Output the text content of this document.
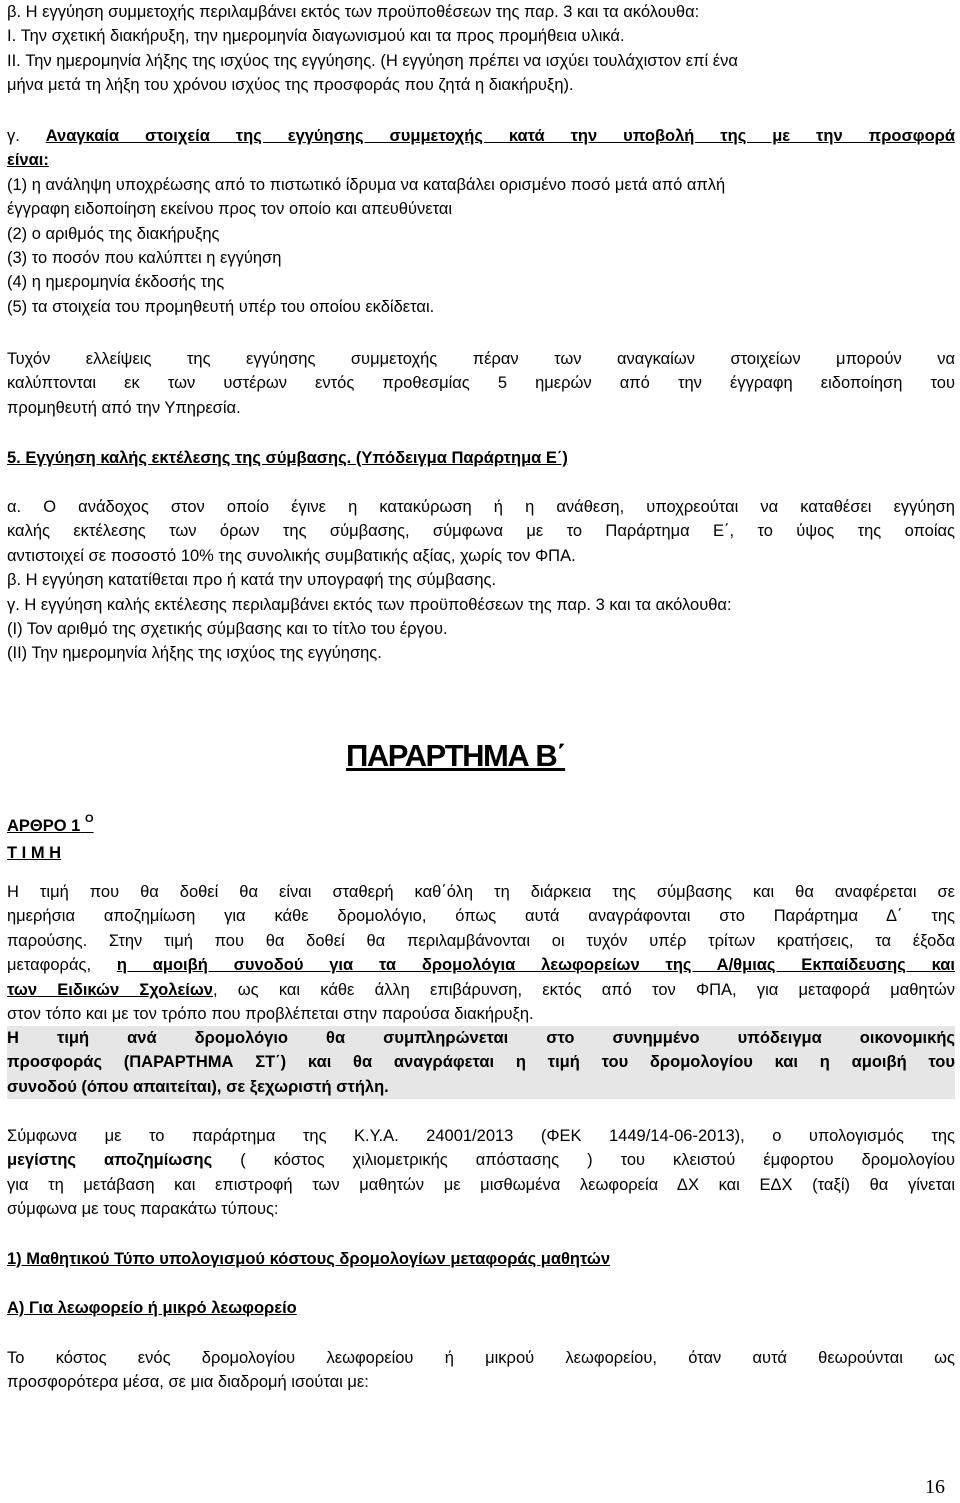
β. Η εγγύηση συμμετοχής περιλαμβάνει εκτός των προϋποθέσεων της παρ. 3 και τα ακόλουθα:
I. Την σχετική διακήρυξη, την ημερομηνία διαγωνισμού και τα προς προμήθεια υλικά.
II. Την ημερομηνία λήξης της ισχύος της εγγύησης. (Η εγγύηση πρέπει να ισχύει τουλάχιστον επί ένα
μήνα μετά τη λήξη του χρόνου ισχύος της προσφοράς που ζητά η διακήρυξη).
γ. Αναγκαία στοιχεία της εγγύησης συμμετοχής κατά την υποβολή της με την προσφορά
είναι:
(1) η ανάληψη υποχρέωσης από το πιστωτικό ίδρυμα να καταβάλει ορισμένο ποσό μετά από απλή
έγγραφη ειδοποίηση εκείνου προς τον οποίο και απευθύνεται
(2) ο αριθμός της διακήρυξης
(3) το ποσόν που καλύπτει η εγγύηση
(4) η ημερομηνία έκδοσής της
(5) τα στοιχεία του προμηθευτή υπέρ του οποίου εκδίδεται.
Τυχόν ελλείψεις της εγγύησης συμμετοχής πέραν των αναγκαίων στοιχείων μπορούν να
καλύπτονται εκ των υστέρων εντός προθεσμίας 5 ημερών από την έγγραφη ειδοποίηση του
προμηθευτή από την Υπηρεσία.
5. Εγγύηση καλής εκτέλεσης της σύμβασης. (Υπόδειγμα Παράρτημα Ε΄)
α. Ο ανάδοχος στον οποίο έγινε η κατακύρωση ή η ανάθεση, υποχρεούται να καταθέσει εγγύηση
καλής εκτέλεσης των όρων της σύμβασης, σύμφωνα με το Παράρτημα Ε΄, το ύψος της οποίας
αντιστοιχεί σε ποσοστό 10% της συνολικής συμβατικής αξίας, χωρίς τον ΦΠΑ.
β. Η εγγύηση κατατίθεται προ ή κατά την υπογραφή της σύμβασης.
γ. Η εγγύηση καλής εκτέλεσης περιλαμβάνει εκτός των προϋποθέσεων της παρ. 3 και τα ακόλουθα:
(Ι) Τον αριθμό της σχετικής σύμβασης και το τίτλο του έργου.
(ΙΙ) Την ημερομηνία λήξης της ισχύος της εγγύησης.
ΠΑΡΑΡΤΗΜΑ Β΄
ΑΡΘΡΟ 1 $^O$
Τ Ι Μ Η
Η τιμή που θα δοθεί θα είναι σταθερή καθ΄όλη τη διάρκεια της σύμβασης και θα αναφέρεται σε
ημερήσια αποζημίωση για κάθε δρομολόγιο, όπως αυτά αναγράφονται στο Παράρτημα Δ΄ της
παρούσης. Στην τιμή που θα δοθεί θα περιλαμβάνονται οι τυχόν υπέρ τρίτων κρατήσεις, τα έξοδα
μεταφοράς, η αμοιβή συνοδού για τα δρομολόγια λεωφορείων της Α/θμιας Εκπαίδευσης και
των Ειδικών Σχολείων, ως και κάθε άλλη επιβάρυνση, εκτός από τον ΦΠΑ, για μεταφορά μαθητών
στον τόπο και με τον τρόπο που προβλέπεται στην παρούσα διακήρυξη.
Η τιμή ανά δρομολόγιο θα συμπληρώνεται στο συνημμένο υπόδειγμα οικονομικής
προσφοράς (ΠΑΡΑΡΤΗΜΑ ΣΤ΄) και θα αναγράφεται η τιμή του δρομολογίου και η αμοιβή του
συνοδού (όπου απαιτείται), σε ξεχωριστή στήλη.
Σύμφωνα με το παράρτημα της Κ.Υ.Α. 24001/2013 (ΦΕΚ 1449/14-06-2013), ο υπολογισμός της
μεγίστης αποζημίωσης ( κόστος χιλιομετρικής απόστασης ) του κλειστού έμφορτου δρομολογίου
για τη μετάβαση και επιστροφή των μαθητών με μισθωμένα λεωφορεία ΔΧ και ΕΔΧ (ταξί) θα γίνεται
σύμφωνα με τους παρακάτω τύπους:
1) Μαθητικού Τύπο υπολογισμού κόστους δρομολογίων μεταφοράς μαθητών
Α) Για λεωφορείο ή μικρό λεωφορείο
Το κόστος ενός δρομολογίου λεωφορείου ή μικρού λεωφορείου, όταν αυτά θεωρούνται ως
προσφορότερα μέσα, σε μια διαδρομή ισούται με:
16
